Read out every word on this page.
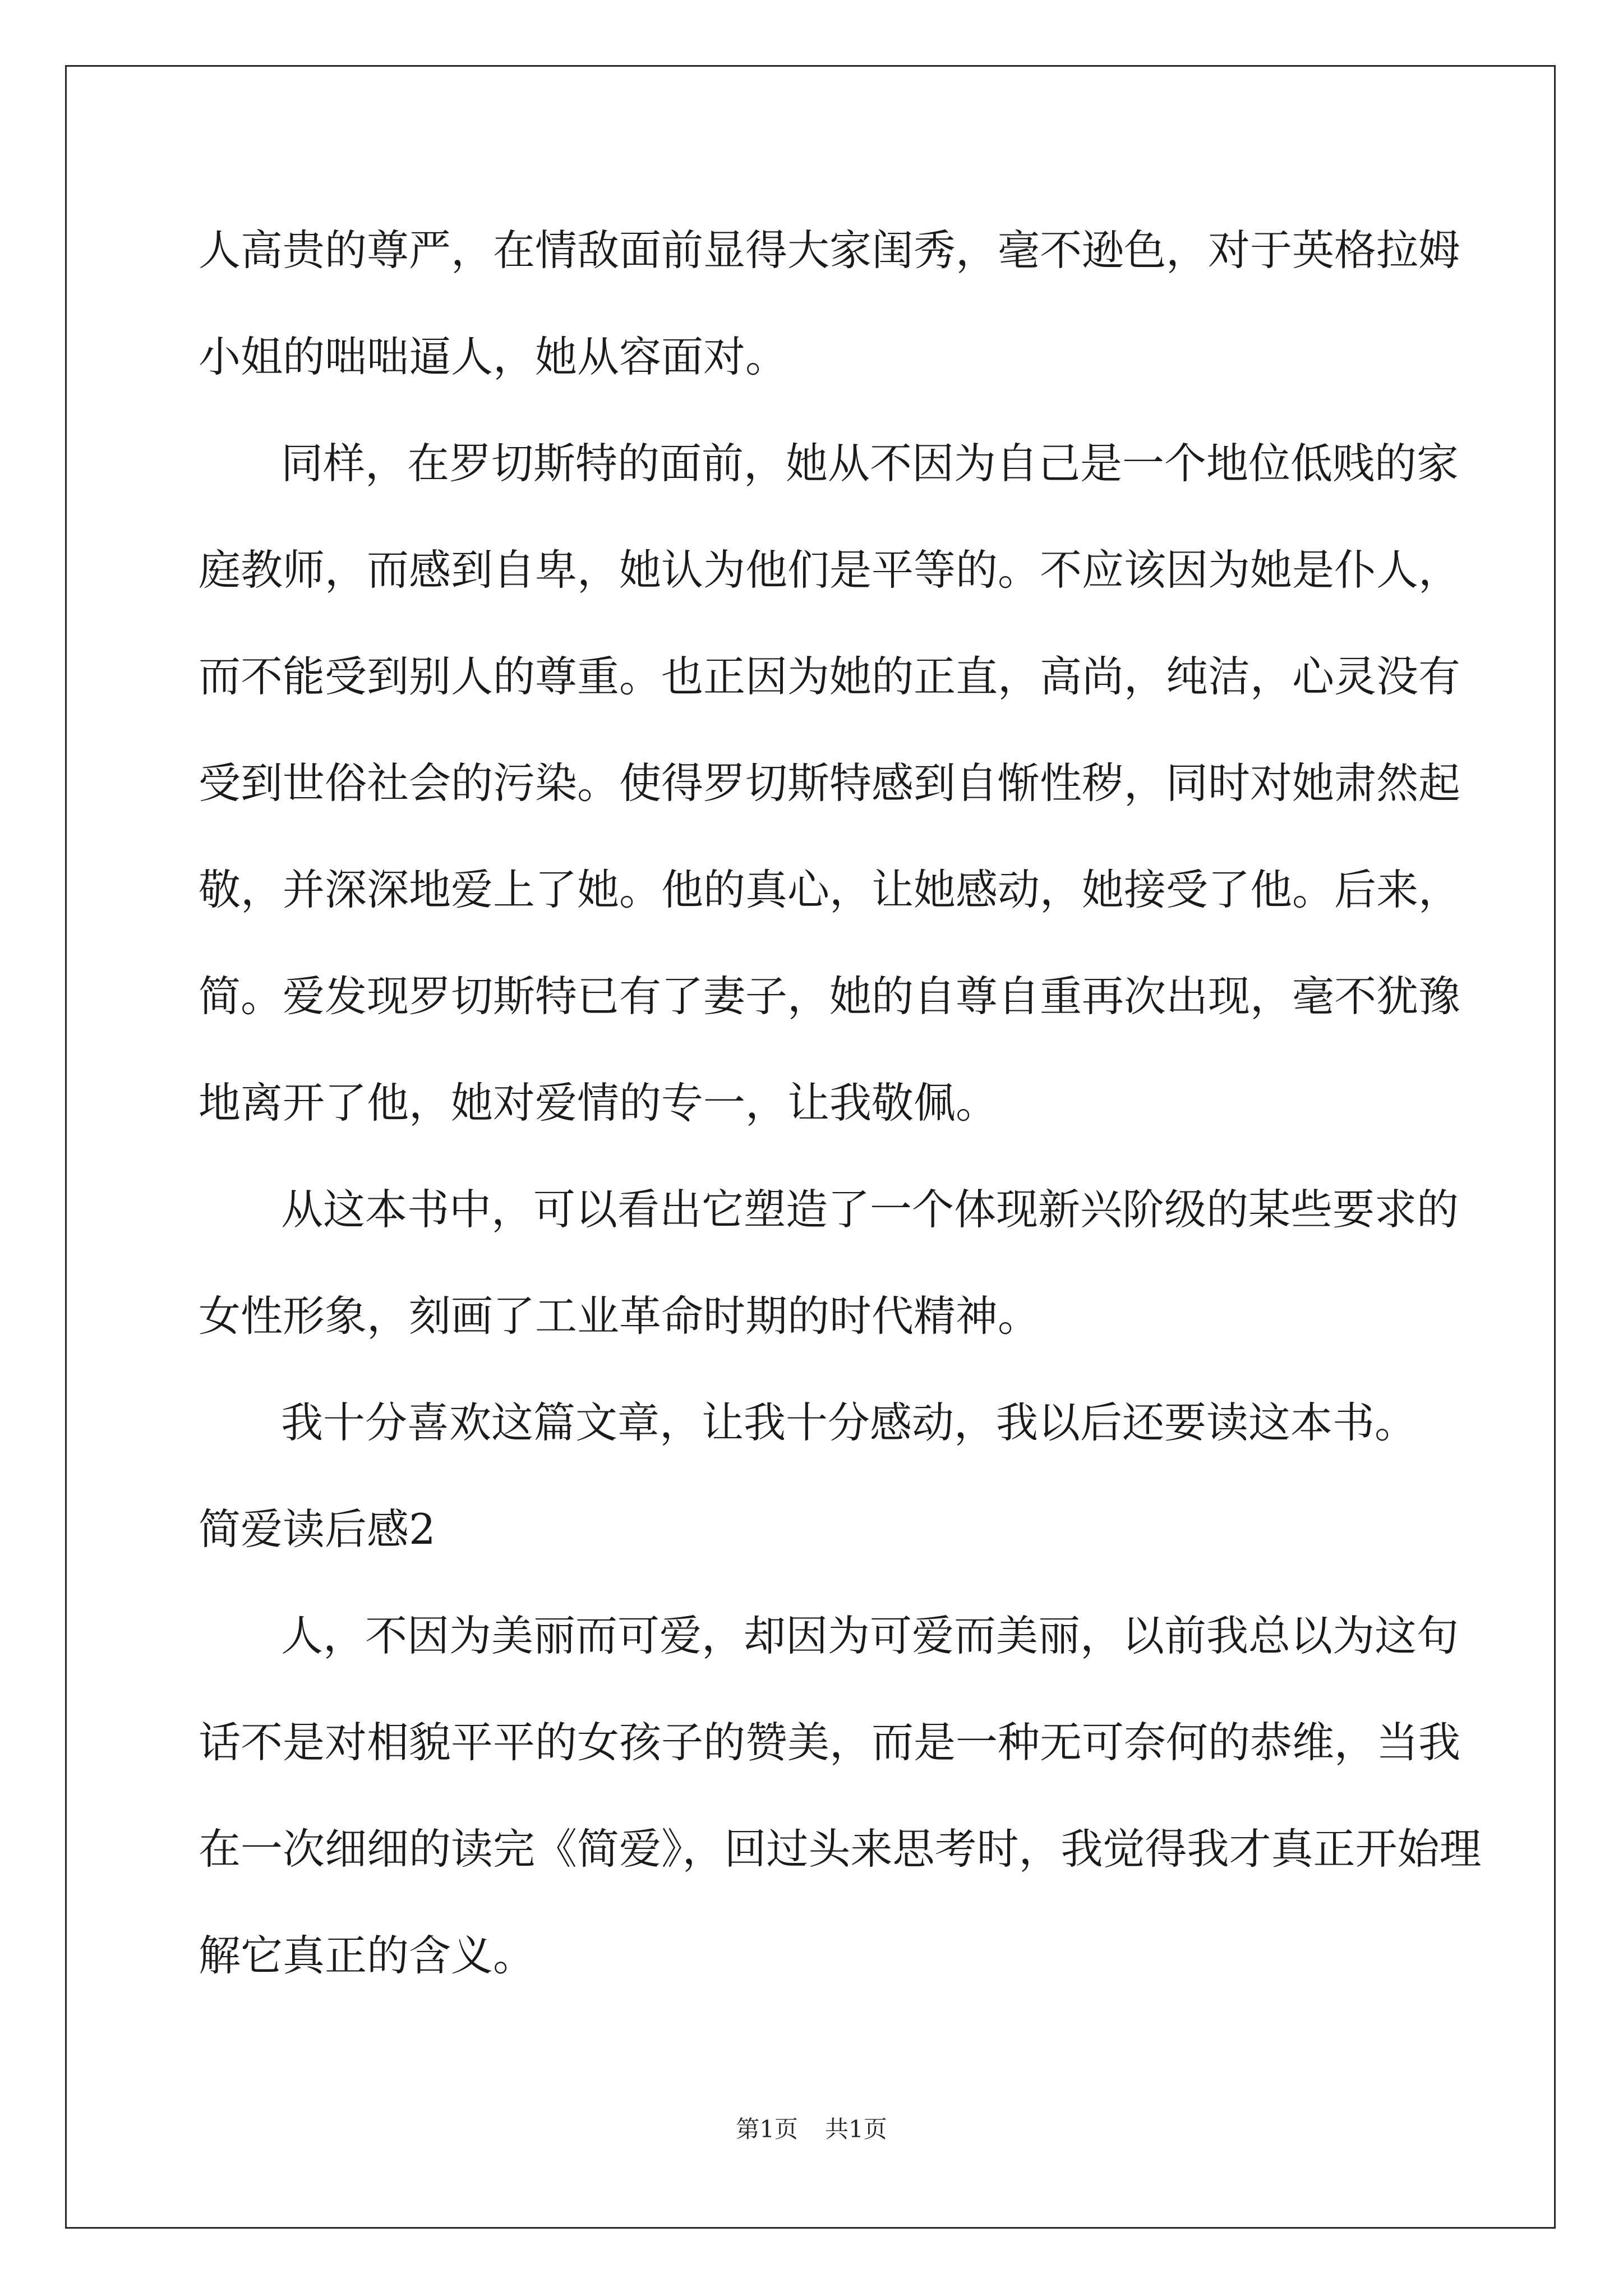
人高贵的尊严，在情敌面前显得大家闺秀，毫不逊色，对于英格拉姆
小姐的咄咄逼人，她从容面对。
同样，在罗切斯特的面前，她从不因为自己是一个地位低贱的家
庭教师，而感到自卑，她认为他们是平等的。不应该因为她是仆人，
而不能受到别人的尊重。也正因为她的正直，高尚，纯洁，心灵没有
受到世俗社会的污染。使得罗切斯特感到自惭性秽，同时对她肃然起
敬，并深深地爱上了她。他的真心，让她感动，她接受了他。后来，
简。爱发现罗切斯特已有了妻子，她的自尊自重再次出现，毫不犹豫
地离开了他，她对爱情的专一，让我敬佩。
从这本书中，可以看出它塑造了一个体现新兴阶级的某些要求的
女性形象，刻画了工业革命时期的时代精神。
我十分喜欢这篇文章，让我十分感动，我以后还要读这本书。
简爱读后感2
人，不因为美丽而可爱，却因为可爱而美丽，以前我总以为这句
话不是对相貌平平的女孩子的赞美，而是一种无可奈何的恭维，当我
在一次细细的读完《简爱》，回过头来思考时，我觉得我才真正开始理
解它真正的含义。
第1页 共1页
